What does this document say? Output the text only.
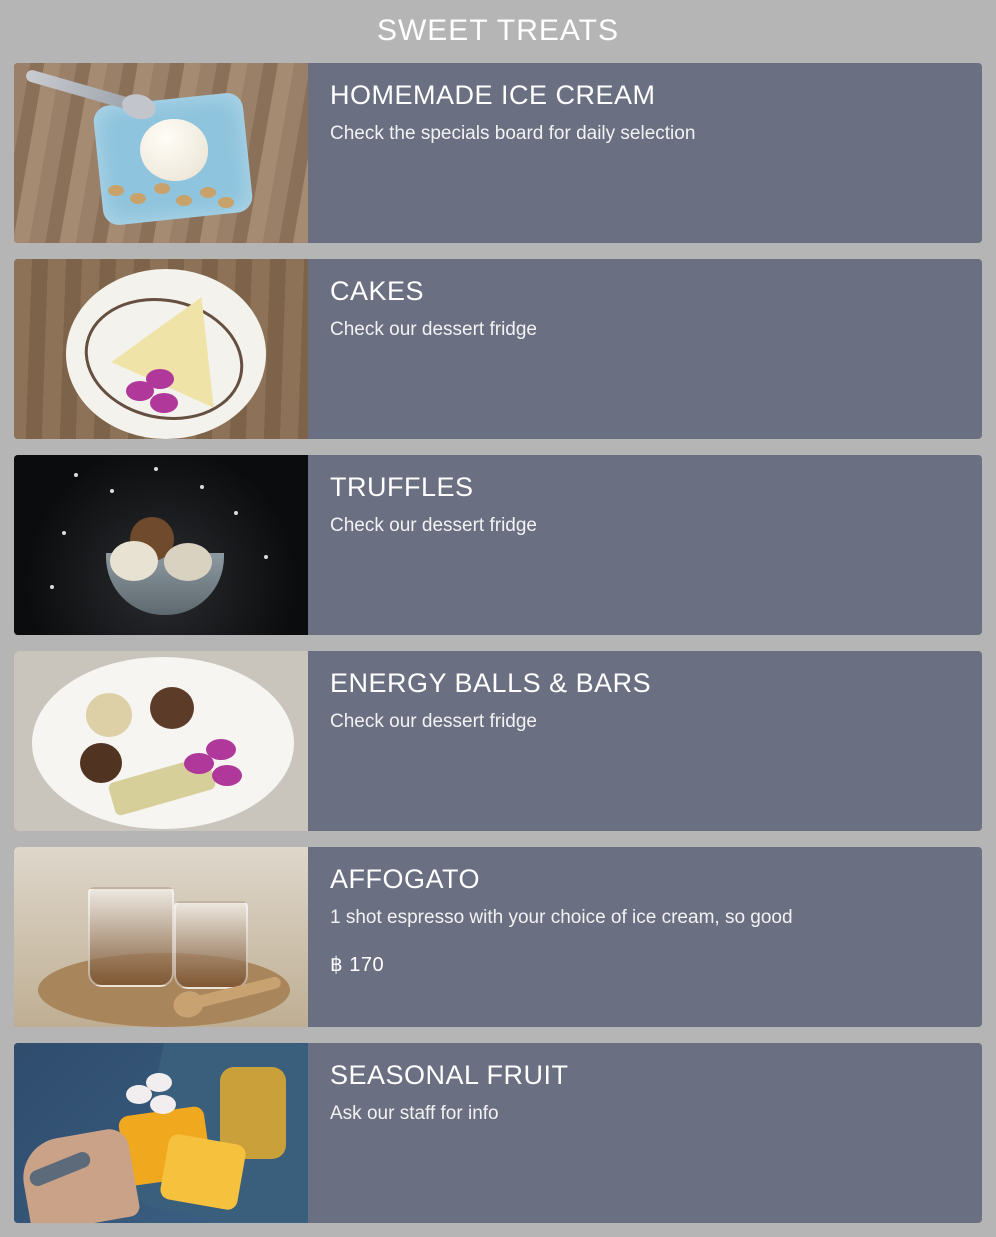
SWEET TREATS
HOMEMADE ICE CREAM
Check the specials board for daily selection
CAKES
Check our dessert fridge
TRUFFLES
Check our dessert fridge
ENERGY BALLS & BARS
Check our dessert fridge
AFFOGATO
1 shot espresso with your choice of ice cream, so good
฿ 170
SEASONAL FRUIT
Ask our staff for info
